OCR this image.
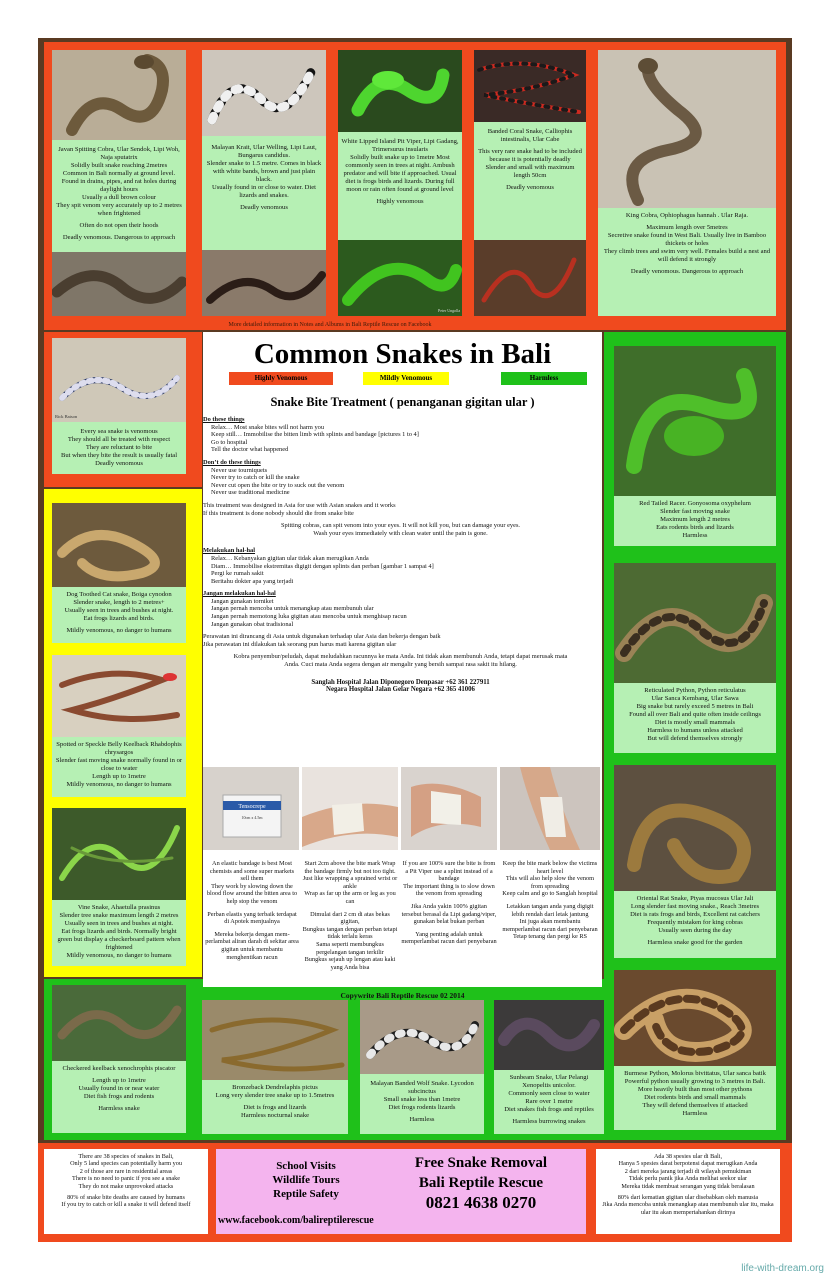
Javan Spitting Cobra, Ular Sendok, Lipi Woh, Naja sputatrix

Solidly built snake reaching 2metres

Common in Bali normally at ground level. Found in drains, pipes, and rat holes during daylight hours

Usually a dull brown colour

They spit venom very accurately up to 2 metres when frightened

Often do not open their hoods

Deadly venomous. Dangerous to approach

Malayan Krait, Ular Welling, Lipi Laut, Bungarus candidus.

Slender snake to 1.5 metre. Comes in black with white bands, brown and just plain black.

Usually found in or close to water. Diet lizards and snakes.

Deadly venomous

White Lipped Island Pit Viper, Lipi Gadang, Trimersurus insularis

Solidly built snake up to 1metre Most commonly seen in trees at night. Ambush predator and will bite if approached. Usual diet is frogs birds and lizards. During full moon or rain often found at ground level

Highly venomous

Peter Ungolla

Banded Coral Snake, Calliophis intestinalis, Ular Cabe

This very rare snake had to be included because it is potentially deadly

Slender and small with maximum length 50cm

Deadly venomous

King Cobra, Ophiophagus hannah . Ular Raja.

Maximum length over 5metres

Secretive snake found in West Bali. Usually live in Bamboo thickets or holes

They climb trees and swim very well. Females build a nest and will defend it strongly

Deadly venomous. Dangerous to approach

More detailed information in Notes and Albums in Bali Reptile Rescue on Facebook
Rick Batson

Every sea snake is venomous

They should all be treated with respect

They are reluctant to bite

But when they bite the result is usually fatal

Deadly venomous

Dog Toothed Cat snake, Boiga cynodon

Slender snake, length to 2 metres+

Usually seen in trees and bushes at night.

Eat frogs lizards and birds.

Mildly venomous, no danger to humans

Spotted or Speckle Belly Keelback Rhabdophis chrysargos

Slender fast moving snake normally found in or close to water

Length up to 1metre

Mildly venomous, no danger to humans

Vine Snake, Ahaetulla prasinus

Slender tree snake maximum length 2 metres

Usually seen in trees and bushes at night.

Eat frogs lizards and birds. Normally bright green but display a checkerboard pattern when frightened

Mildly venomous, no danger to humans

Red Tailed Racer. Gonyosoma oxyphelum

Slender fast moving snake

Maximum length 2 metres

Eats rodents birds and lizards

Harmless

Reticulated Python, Python reticulatus

Ular Sanca Kembang, Ular Sawa

Big snake but rarely exceed 5 metres in Bali

Found all over Bali and quite often inside ceilings

Diet is mostly small mammals

Harmless to humans unless attacked

But will defend themselves strongly

Oriental Rat Snake, Ptyas mucosus Ular Jali

Long slender fast moving snake., Reach 3metres

Diet is rats frogs and birds, Excellent rat catchers

Frequently mistaken for king cobras

Usually seen during the day

Harmless snake good for the garden

Burmese Python, Molorus bivittatus, Ular sanca batik

Powerful python usually growing to 3 metres in Bali. More heavily built than most other pythons

Diet rodents birds and small mammals

They will defend themselves if attacked

Harmless

Checkered keelback xenochrophis piscator

Length up to 1metre

Usually found in or near water

Diet fish frogs and rodents

Harmless snake

Bronzeback Dendrelaphis pictus

Long very slender tree snake up to 1.5metres

Diet is frogs and lizards

Harmless nocturnal snake

Malayan Banded Wolf Snake. Lycodon subcinctus

Small snake less than 1metre

Diet frogs rodents lizards

Harmless

Sunbeam Snake, Ular Pelangi Xenopeltis unicolor.

Commonly seen close to water

Rare over 1 metre

Diet snakes fish frogs and reptiles

Harmless burrowing snakes

Common Snakes in Bali
Highly Venomous	Mildly Venomous	Harmless
Snake Bite Treatment ( penanganan gigitan ular )
Do these things
Relax… Most snake bites will not harm you
Keep still… Immobilise the bitten limb with splints and bandage [pictures 1 to 4]
Go to hospital
Tell the doctor what happened
Don’t do these things
Never use tourniquets
Never try to catch or kill the snake
Never cut open the bite or try to suck out the venom
Never use traditional medicine
This treatment was designed in Asia for use with Asian snakes and it works
If this treatment is done nobody should die from snake bite
Spitting cobras, can spit venom into your eyes. It will not kill you, but can damage your eyes.
Wash your eyes immediately with clean water until the pain is gone.
Melakukan hal-hal
Relax… Kebanyakan gigitan ular tidak akan merugikan Anda
Diam… Immobilise ekstremitas digigit dengan splints dan perban [gambar 1 sampai 4]
Pergi ke rumah sakit
Beritahu dokter apa yang terjadi
Jangan melakukan hal-hal
Jangan gunakan torniket
Jangan pernah mencoba untuk menangkap atau membunuh ular
Jangan pernah memotong luka gigitan atau mencoba untuk menghisap racun
Jangan gunakan obat tradisional
Perawatan ini dirancang di Asia untuk digunakan terhadap ular Asia dan bekerja dengan baik
Jika perawatan ini dilakukan tak seorang pun harus mati karena gigitan ular
Kobra penyembur/peludah, dapat meludahkan racunnya ke mata Anda. Ini tidak akan membunuh Anda, tetapi dapat merusak mata
Anda. Cuci mata Anda segera dengan air mengalir yang bersih sampai rasa sakit itu hilang.
Sanglah Hospital Jalan Diponegoro Denpasar +62 361 227911
Negara Hospital Jalan Gelar Negara +62 365 41006
Tensocrepe
10cm x 4.5m

An elastic bandage is best Most chemists and some super markets sell them

They work by slowing down the blood flow around the bitten area to help stop the venom

Perban elastis yang terbaik terdapat di Apotek menjualnya

Mereka bekerja dengan mem-perlambat aliran darah di sekitar area gigitan untuk membantu menghentikan racun

Start 2cm above the bite mark Wrap the bandage firmly but not too tight. Just like wrapping a sprained wrist or ankle

Wrap as far up the arm or leg as you can

Dimulai dari 2 cm di atas bekas gigitan,

Bungkus tangan dengan perban tetapi tidak terlalu keras

Sama seperti membungkus pergelangan tangan terkilir

Bungkus sejauh up lengan atau kaki yang Anda bisa

If you are 100% sure the bite is from a Pit Viper use a splint instead of a bandage

The important thing is to slow down the venom from spreading

Jika Anda yakin 100% gigitan tersebut berasal da Lipi gadang/viper, gunakan belat bukan perban

Yang penting adalah untuk memperlambat racun dari penyebaran

Keep the bite mark below the victims heart level

This will also help slow the venom from spreading

Keep calm and go to Sanglah hospital

Letakkan tangan anda yang digigit lebih rendah dari letak jantung

Ini juga akan membantu memperlambat racun dari penyebaran Tetap tenang dan pergi ke RS

Copywrite Bali Reptile Rescue 02 2014

There are 38 species of snakes in Bali,

Only 5 land species can potentially harm you

2 of those are rare in residential areas

There is no need to panic if you see a snake

They do not make unprovoked attacks

80% of snake bite deaths are caused by humans

If you try to catch or kill a snake it will defend itself

School Visits
Wildlife Tours
Reptile Safety
Free Snake Removal
Bali Reptile Rescue
0821 4638 0270
www.facebook.com/balireptilerescue

Ada 38 spesies ular di Bali,

Hanya 5 spesies darat berpotensi dapat merugikan Anda

2 dari mereka jarang terjadi di wilayah pemukiman

Tidak perlu panik jika Anda melihat seekor ular

Mereka tidak membuat serangan yang tidak beralasan

80% dari kematian gigitan ular disebabkan oleh manusia

Jika Anda mencoba untuk menangkap atau membunuh ular itu, maka ular itu akan mempertahankan dirinya

life-with-dream.org
